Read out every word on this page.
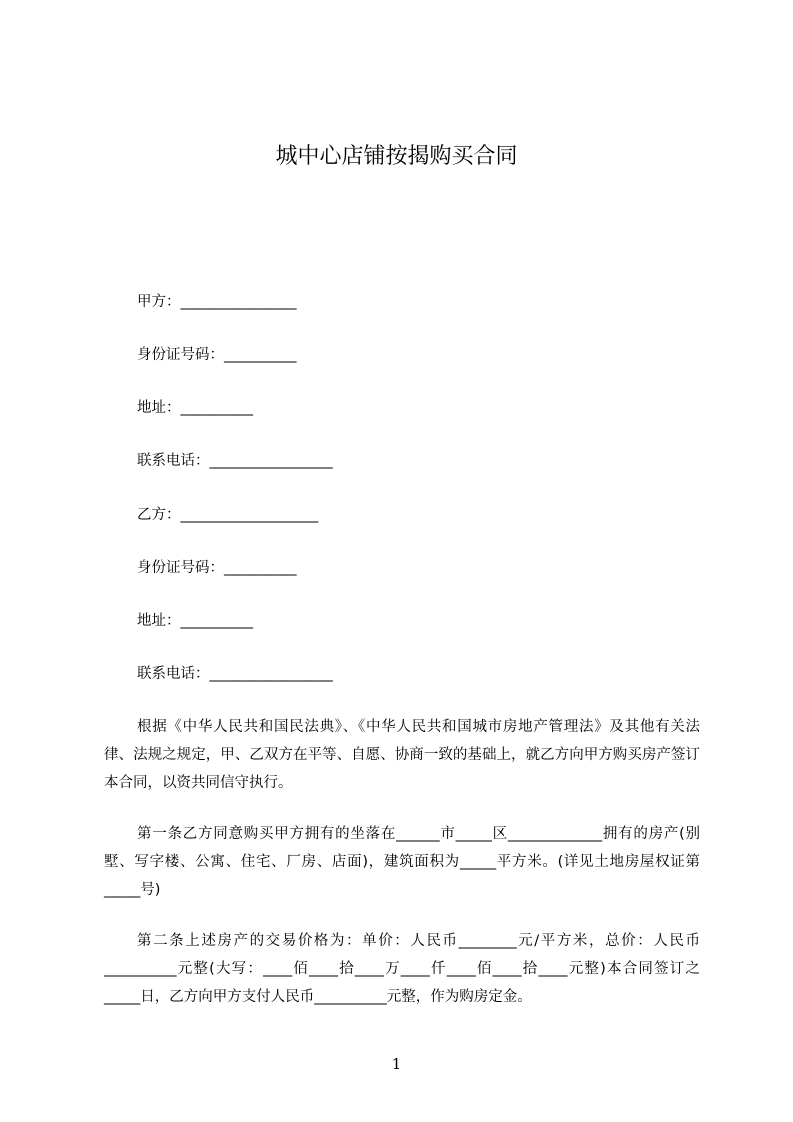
城中心店铺按揭购买合同

甲方：________________

身份证号码：__________

地址：__________

联系电话：_________________

乙方：___________________

身份证号码：__________

地址：__________

联系电话：_________________

根据《中华人民共和国民法典》、《中华人民共和国城市房地产管理法》及其他有关法律、法规之规定，甲、乙双方在平等、自愿、协商一致的基础上，就乙方向甲方购买房产签订本合同，以资共同信守执行。

第一条乙方同意购买甲方拥有的坐落在______市_____区_____________拥有的房产(别墅、写字楼、公寓、住宅、厂房、店面)，建筑面积为_____平方米。(详见土地房屋权证第_____号)

第二条上述房产的交易价格为：单价：人民币________元/平方米，总价：人民币__________元整(大写：____佰____拾____万____仟____佰____拾____元整)本合同签订之_____日，乙方向甲方支付人民币__________元整，作为购房定金。

1
